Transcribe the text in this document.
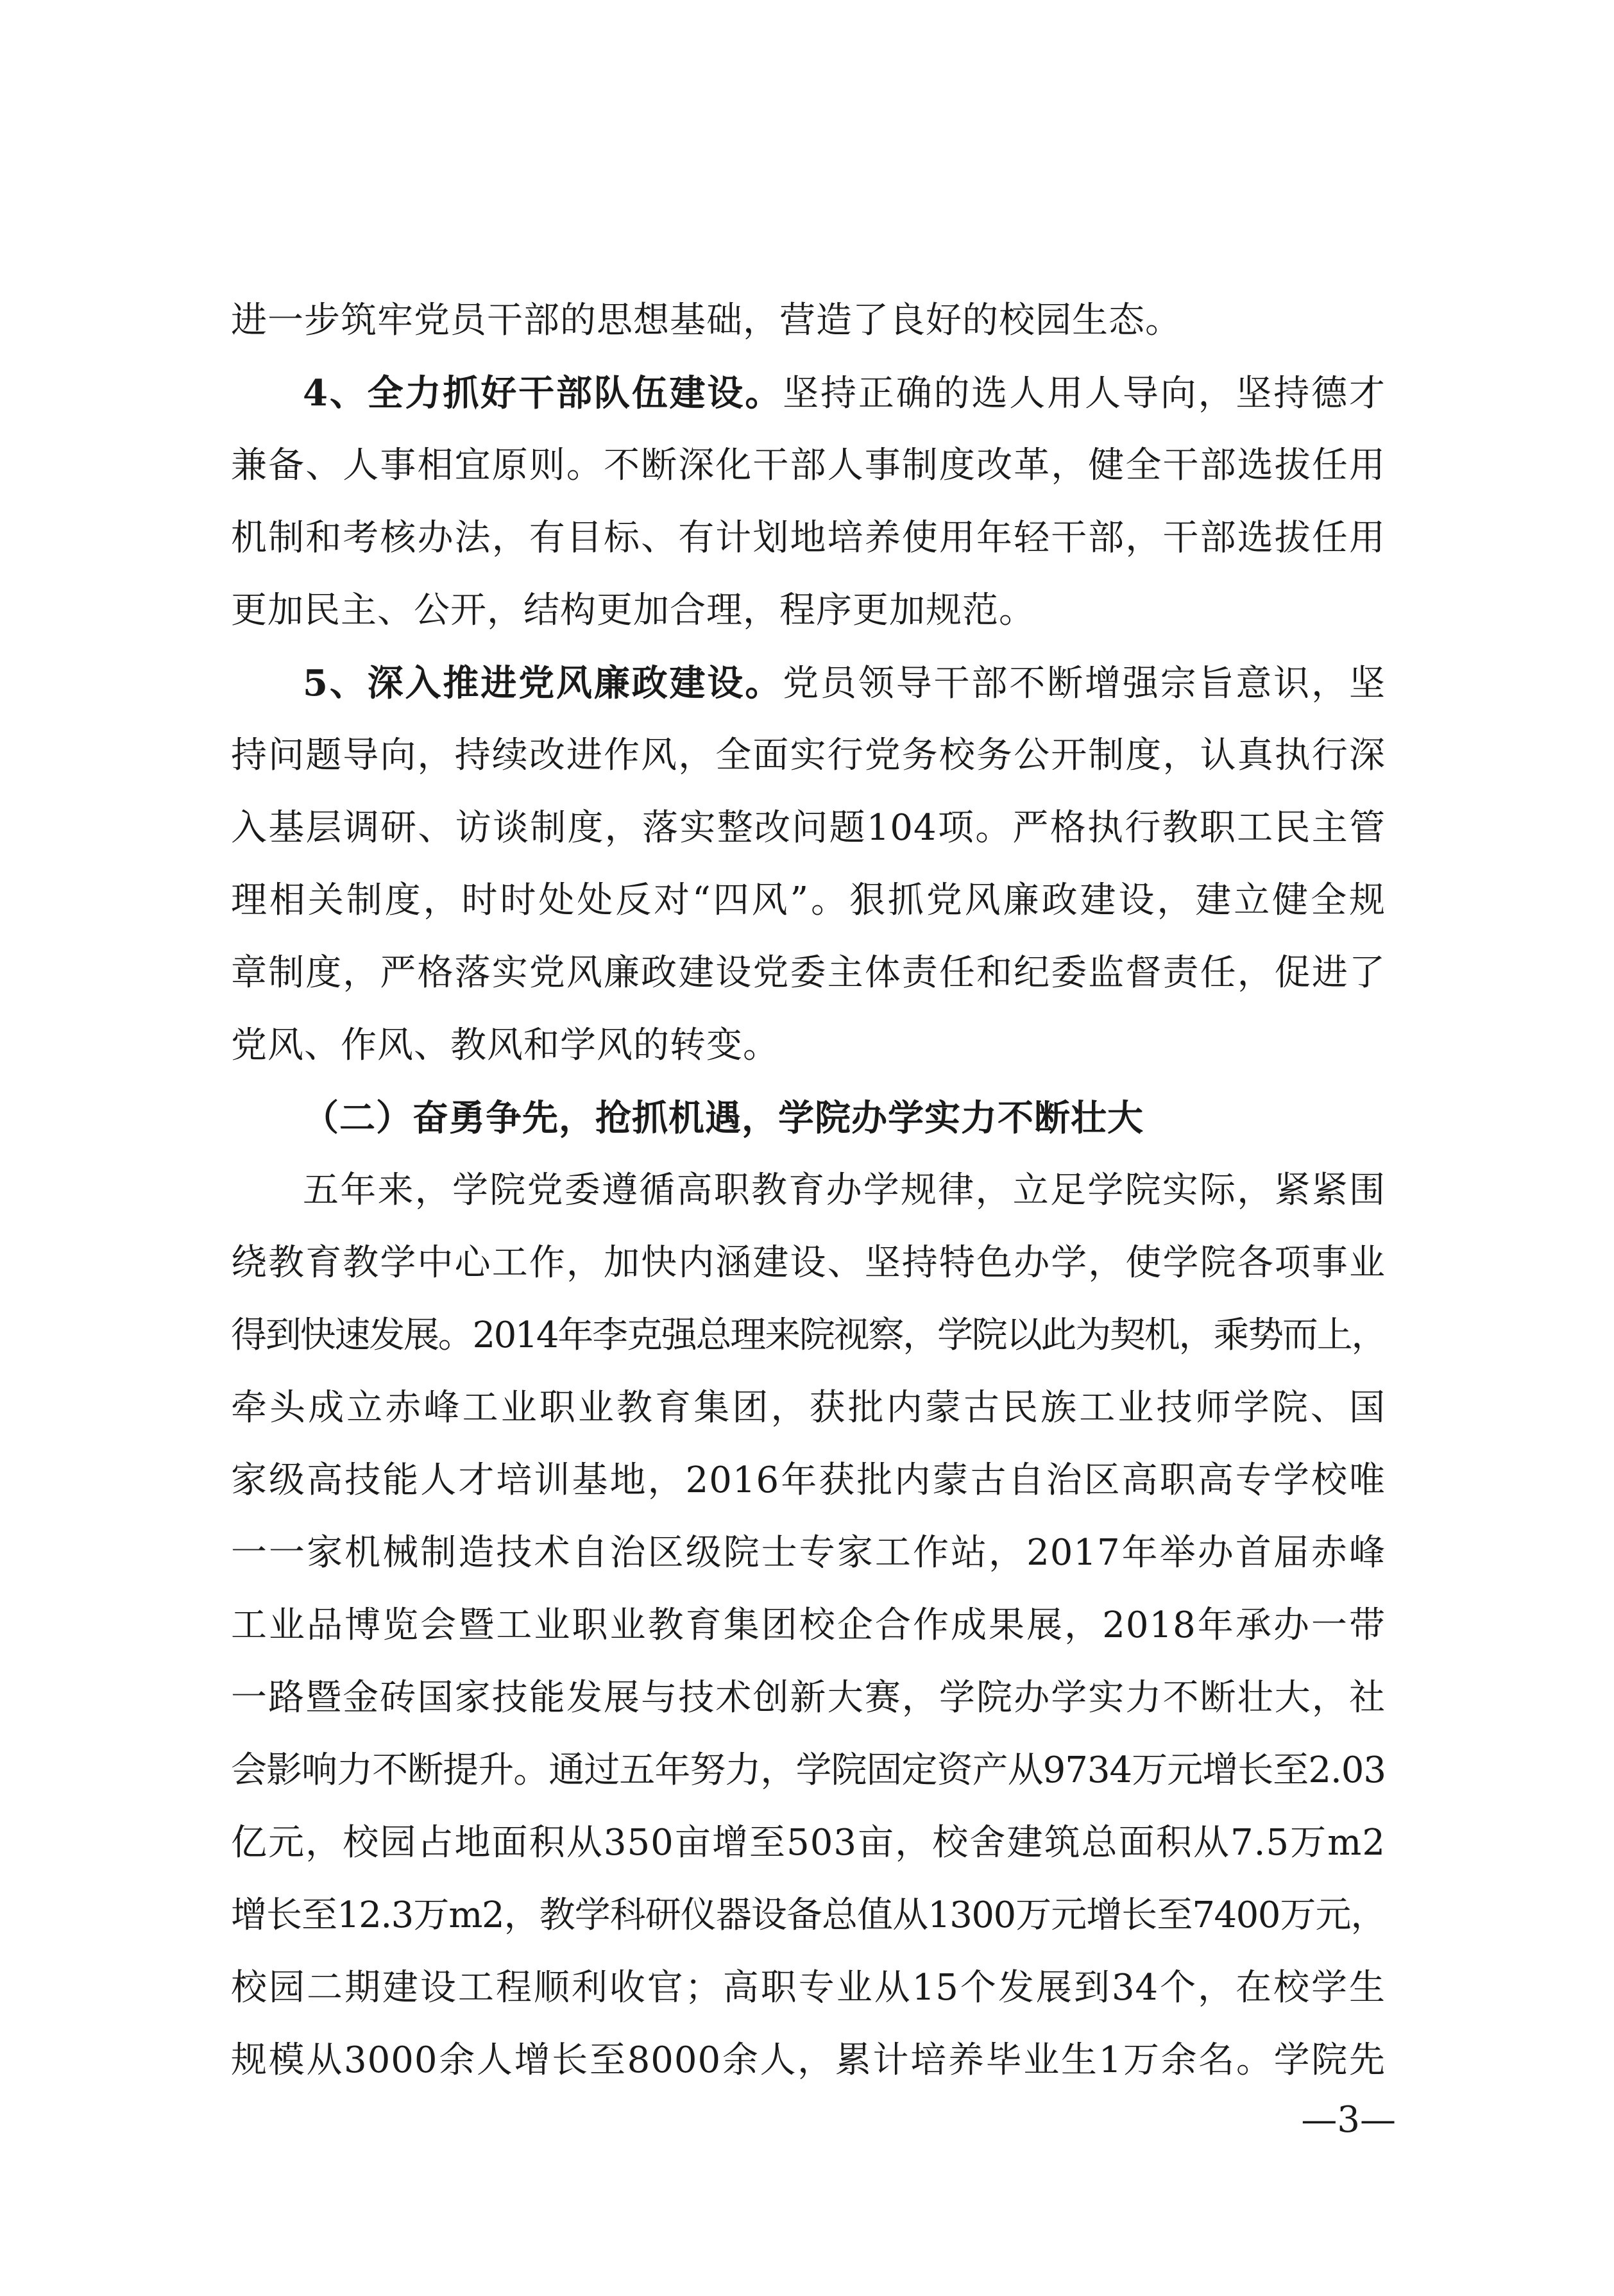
进一步筑牢党员干部的思想基础，营造了良好的校园生态。
4、全力抓好干部队伍建设。坚持正确的选人用人导向，坚持德才
兼备、人事相宜原则。不断深化干部人事制度改革，健全干部选拔任用
机制和考核办法，有目标、有计划地培养使用年轻干部，干部选拔任用
更加民主、公开，结构更加合理，程序更加规范。
5、深入推进党风廉政建设。党员领导干部不断增强宗旨意识，坚
持问题导向，持续改进作风，全面实行党务校务公开制度，认真执行深
入基层调研、访谈制度，落实整改问题104项。严格执行教职工民主管
理相关制度，时时处处反对“四风”。狠抓党风廉政建设，建立健全规
章制度，严格落实党风廉政建设党委主体责任和纪委监督责任，促进了
党风、作风、教风和学风的转变。
（二）奋勇争先，抢抓机遇，学院办学实力不断壮大
五年来，学院党委遵循高职教育办学规律，立足学院实际，紧紧围
绕教育教学中心工作，加快内涵建设、坚持特色办学，使学院各项事业
得到快速发展。2014年李克强总理来院视察，学院以此为契机，乘势而上，
牵头成立赤峰工业职业教育集团，获批内蒙古民族工业技师学院、国
家级高技能人才培训基地，2016年获批内蒙古自治区高职高专学校唯
一一家机械制造技术自治区级院士专家工作站，2017年举办首届赤峰
工业品博览会暨工业职业教育集团校企合作成果展，2018年承办一带
一路暨金砖国家技能发展与技术创新大赛，学院办学实力不断壮大，社
会影响力不断提升。通过五年努力，学院固定资产从9734万元增长至2.03
亿元，校园占地面积从350亩增至503亩，校舍建筑总面积从7.5万m2
增长至12.3万m2，教学科研仪器设备总值从1300万元增长至7400万元，
校园二期建设工程顺利收官；高职专业从15个发展到34个，在校学生
规模从3000余人增长至8000余人，累计培养毕业生1万余名。学院先
—3—
